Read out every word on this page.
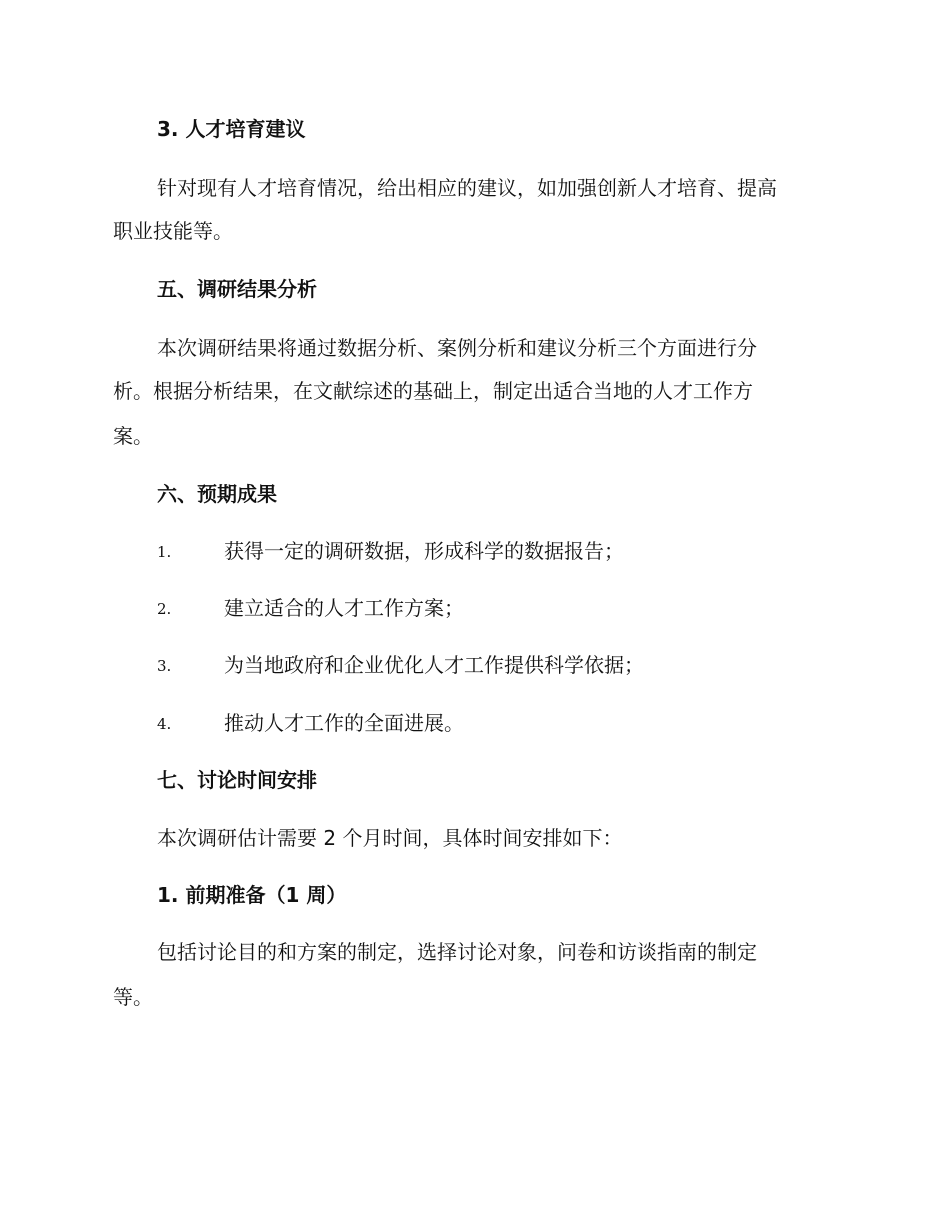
3. 人才培育建议
针对现有人才培育情况，给出相应的建议，如加强创新人才培育、提高
职业技能等。
五、调研结果分析
本次调研结果将通过数据分析、案例分析和建议分析三个方面进行分
析。根据分析结果，在文献综述的基础上，制定出适合当地的人才工作方
案。
六、预期成果
1.	获得一定的调研数据，形成科学的数据报告；
2.	建立适合的人才工作方案；
3.	为当地政府和企业优化人才工作提供科学依据；
4.	推动人才工作的全面进展。
七、讨论时间安排
本次调研估计需要 2 个月时间，具体时间安排如下：
1. 前期准备（1 周）
包括讨论目的和方案的制定，选择讨论对象，问卷和访谈指南的制定
等。
